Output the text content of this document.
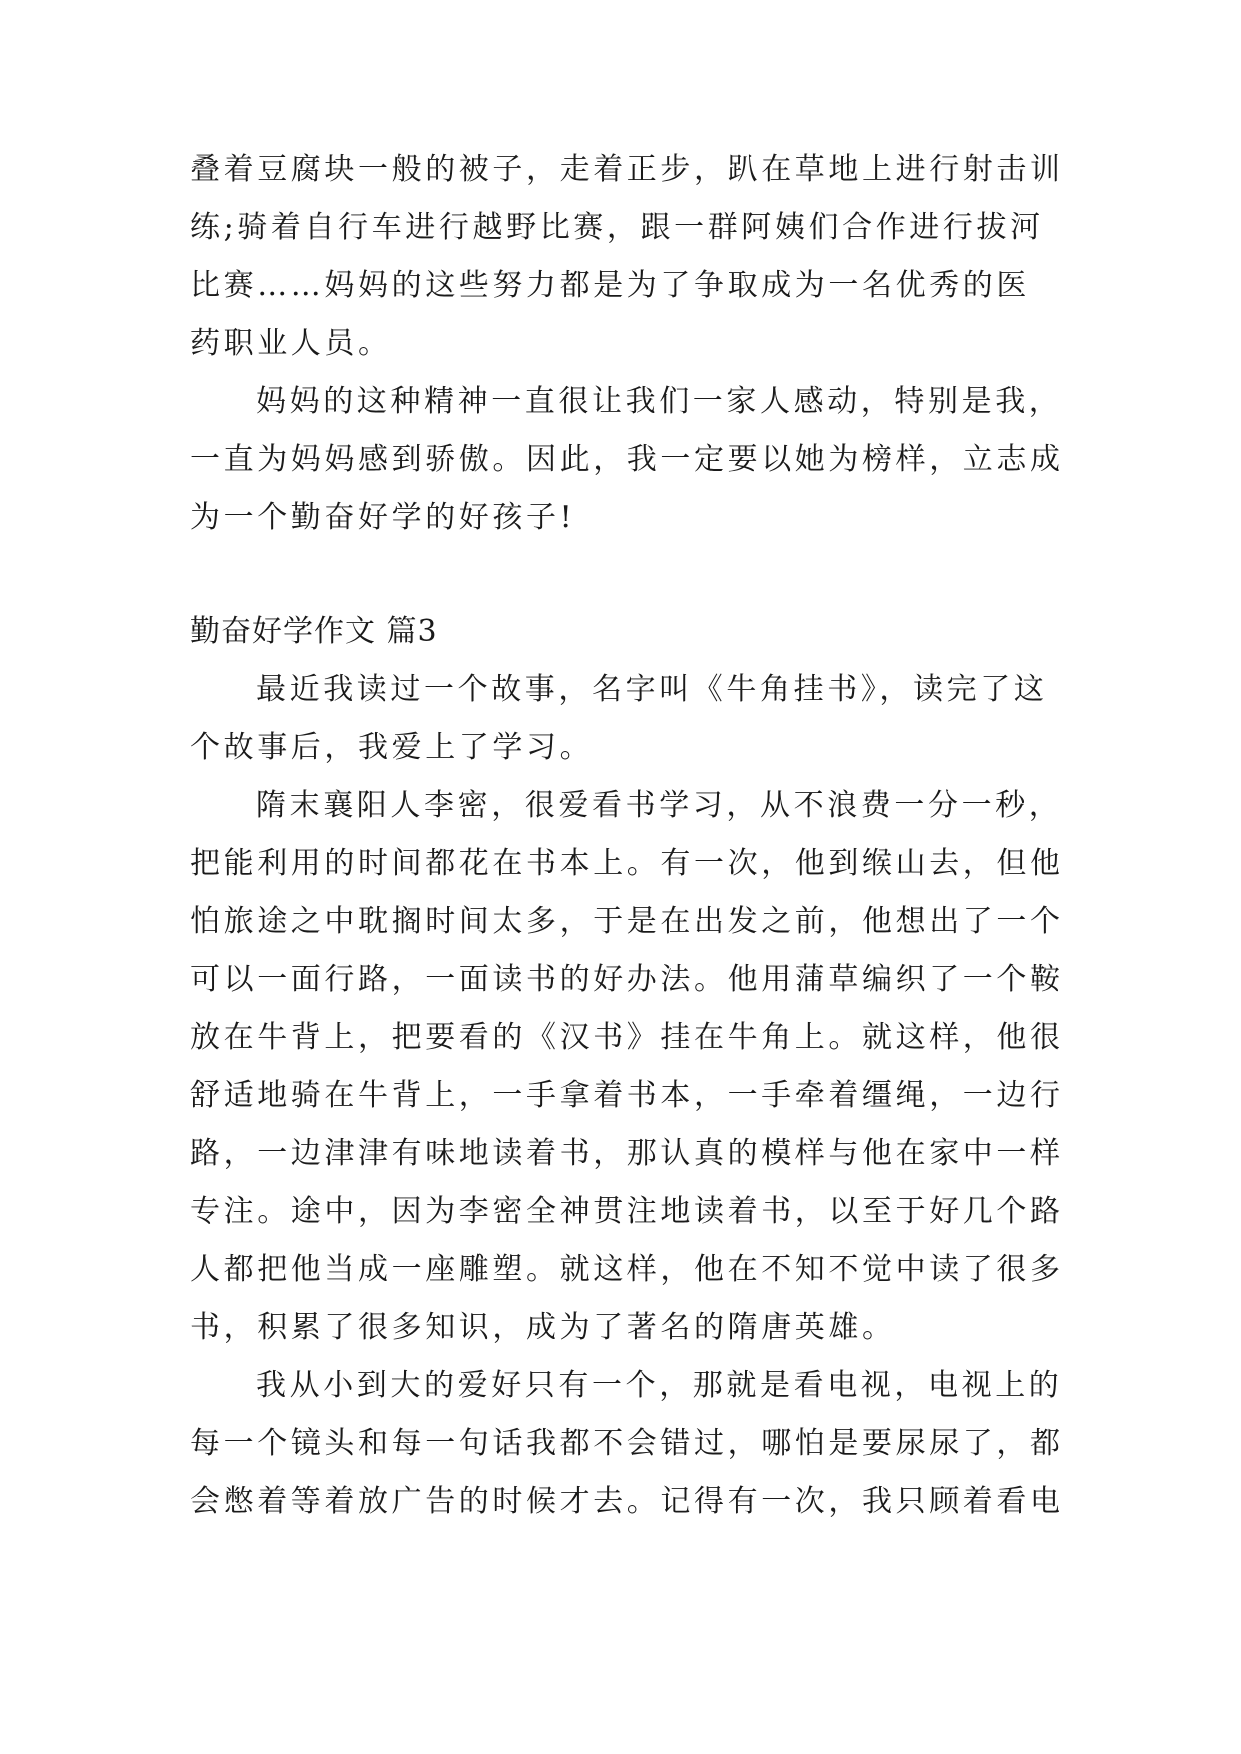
叠着豆腐块一般的被子，走着正步，趴在草地上进行射击训
练;骑着自行车进行越野比赛，跟一群阿姨们合作进行拔河
比赛……妈妈的这些努力都是为了争取成为一名优秀的医
药职业人员。
妈妈的这种精神一直很让我们一家人感动，特别是我，
一直为妈妈感到骄傲。因此，我一定要以她为榜样，立志成
为一个勤奋好学的好孩子!
勤奋好学作文 篇3
最近我读过一个故事，名字叫《牛角挂书》，读完了这
个故事后，我爱上了学习。
隋末襄阳人李密，很爱看书学习，从不浪费一分一秒，
把能利用的时间都花在书本上。有一次，他到缑山去，但他
怕旅途之中耽搁时间太多，于是在出发之前，他想出了一个
可以一面行路，一面读书的好办法。他用蒲草编织了一个鞍
放在牛背上，把要看的《汉书》挂在牛角上。就这样，他很
舒适地骑在牛背上，一手拿着书本，一手牵着缰绳，一边行
路，一边津津有味地读着书，那认真的模样与他在家中一样
专注。途中，因为李密全神贯注地读着书，以至于好几个路
人都把他当成一座雕塑。就这样，他在不知不觉中读了很多
书，积累了很多知识，成为了著名的隋唐英雄。
我从小到大的爱好只有一个，那就是看电视，电视上的
每一个镜头和每一句话我都不会错过，哪怕是要尿尿了，都
会憋着等着放广告的时候才去。记得有一次，我只顾着看电
